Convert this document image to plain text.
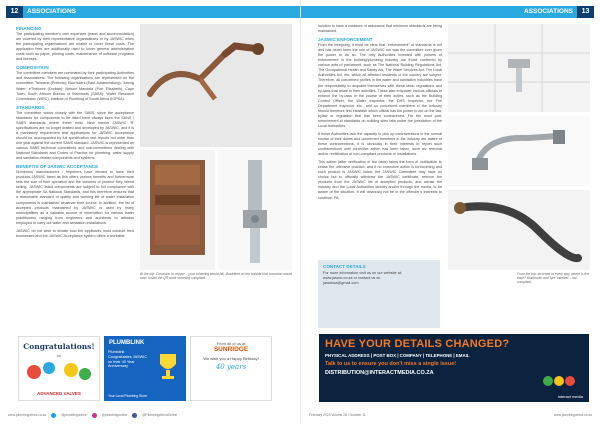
12	ASSOCIATIONS
FINANCING

The participating member's own expenses (travel and accommodation) are covered by their representative organisations or by JASWIC when the participating organisations are unable to cover these costs. The application fees are additionally used to cover general administration costs such as paper, printing costs, maintenance of software programs and licenses.

COMPOSITION

The committee members are nominated by their participating Authorities and Associations. The following organisations are represented on the committee: Tshwane (Pretoria); Ekurhuleni (East Johannesburg); Joburg Water; eThekwini (Durban); Nelson Mandela (Port Elizabeth); Cape Town; South African Bureau of Standards (SABS); Water Research Commission (WRC); Institute of Plumbing of South Africa (IOPSA).

STANDARDS

The committee works closely with the SABS, since the acceptance standards for components to be listed have always been the SANS / SABS standards where these exist. New interim JASWIC 'R' specifications are no longer drafted and developed by JASWIC, and it is a mandatory requirement that applications for JASWIC Acceptance should be accompanied by full specification test reports not older than one year against the current SANS standard. JASWIC is represented on various SABS technical committees and sub-committees dealing with National Standards and Codes of Practice for plumbing, water supply and sanitation-related components and systems.

BENEFITS OF JASWIC ACCEPTANCE

Numerous manufacturers / importers have elected to have their products JASWIC listed as this offers various benefits and furthermore sets the size of their operation and the volumes of product they intend selling. JASWIC listed components are subject to full compliance with the appropriate SA National Standards, and this therefore ensures that a reasonable standard of quality and working life of water installation components is maintained whatever their source. In addition, the list of accepted products maintained by JASWIC is used by many municipalities as a valuable source of information for various water practitioners ranging from engineers and architects to artisans employed to carry out water and sanitation installations.

JASWIC do not wish to dictate how the applicants must conduct their businesses and the JASWIC Acceptance system offers a workable

At the top: Corrosion in copper – your soldering would fail. Illustrated on the outside that corrosion would start. Install the QR mark meaning compliant.
Congratulations!
on
ADVANCED VALVES
PLUMBLINK
Plumblink Congratulates JASWIC on their 40 Year Anniversary
Your Local Plumbing Store
From all of us at
SUNRIDGE
We wish you a Happy Birthday!
40 years
www.plumbingafrica.co.za	@plumbingonline	@plumbingonline	@PlumbingAfricaOnline
ASSOCIATIONS	13

solution to have a measure of assurance that minimum standards are being maintained.

JASWIC ENFORCEMENT

From the foregoing, it must be clear that "enforcement" of standards is not and has never been the role of JASWIC nor was the committee ever given the power to do so. The only Authorities invested with powers of enforcement in the building/plumbing industry are those conferred by various acts of parliament, such as The National Building Regulations Act, The Occupational Health and Safety Act, The Water Services Act, The Local Authorities Act, etc. which all affected residents of the country are subject. Therefore, all concerned parties in the water and sanitation industries have the responsibility to acquaint themselves with these laws, regulations and by-laws that relate to their activities. These also empower various officials to enforce the by-laws in the course of their duties, such as the Building Control Officer, the Water Inspector, the DHS Inspector, the Fire Department Inspector etc., and so concerned members in the industry should therefore first establish which official has the power to act on the law, bylaw or regulation that has been contravened. For the most part, enforcement of standards on building sites falls under the jurisdiction of the Local Authorities.

If these Authorities lack the capacity to pick up contraventions in the normal course of their duties and concerned members in the industry are aware of these contraventions, it is obviously in their interests to report such contraventions until corrective action has been taken, such as: removal and/or rectification of non-compliant products or installations.

This action (after verification of the facts) takes the form of notification to cease the offensive practice, and if no corrective action is forthcoming and such product is JASWIC listed, the JASWIC Committee may have no choice but to officially withdraw the JASWIC certificate, remove the products from the JASWIC list of accepted products, and advise the industry and the Local Authorities directly and/or through the media, to be aware of the situation. It will obviously not be in the offender's interests to continue. PA

CONTACT DETAILS
For more information visit us on our website at:
www.jaswic.co.za or contact us at:
jaswicsa@gmail.com
From the top: Incorrect in every way, where is the base? Aluminium and 'lyre' labelled – not compliant.
HAVE YOUR DETAILS CHANGED?
PHYSICAL ADDRESS | POST BOX | COMPANY | TELEPHONE | EMAIL
Talk to us to ensure you don't miss a single issue!
DISTRIBUTION@INTERACTMEDIA.CO.ZA
interact media
February 2023 Volume 28 / Number 11	www.plumbingafrica.co.za
